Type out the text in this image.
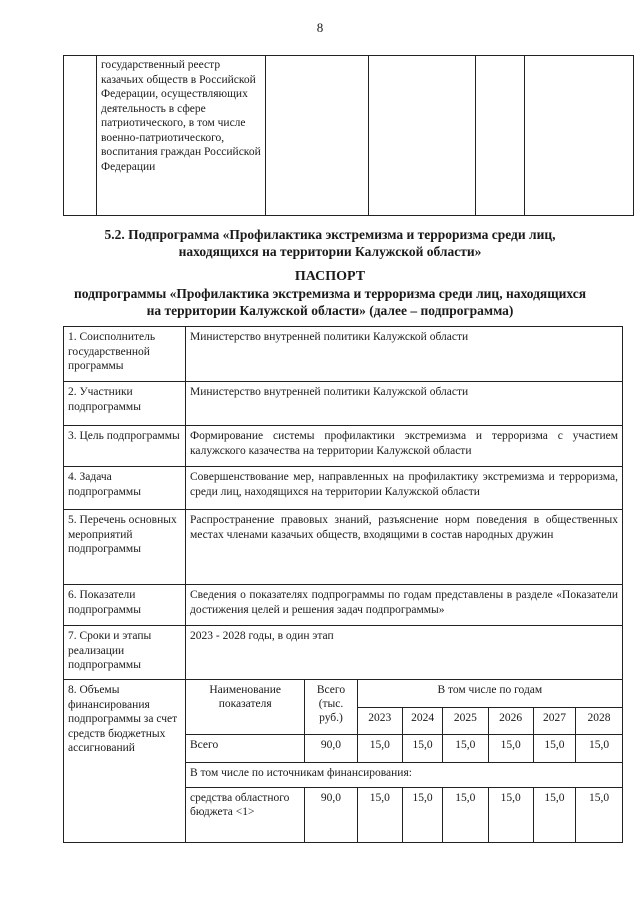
8
	государственный реестр казачьих обществ в Российской Федерации, осуществляющих деятельность в сфере патриотического, в том числе военно-патриотического, воспитания граждан Российской Федерации				
5.2. Подпрограмма «Профилактика экстремизма и терроризма среди лиц,
находящихся на территории Калужской области»
ПАСПОРТ
подпрограммы «Профилактика экстремизма и терроризма среди лиц, находящихся
на территории Калужской области» (далее – подпрограмма)
1. Соисполнитель государственной программы	Министерство внутренней политики Калужской области
2. Участники подпрограммы	Министерство внутренней политики Калужской области
3. Цель подпрограммы	Формирование системы профилактики экстремизма и терроризма с участием калужского казачества на территории Калужской области
4. Задача подпрограммы	Совершенствование мер, направленных на профилактику экстремизма и терроризма, среди лиц, находящихся на территории Калужской области
5. Перечень основных мероприятий подпрограммы	Распространение правовых знаний, разъяснение норм поведения в общественных местах членами казачьих обществ, входящими в состав народных дружин
6. Показатели подпрограммы	Сведения о показателях подпрограммы по годам представлены в разделе «Показатели достижения целей и решения задач подпрограммы»
7. Сроки и этапы реализации подпрограммы	2023 - 2028 годы, в один этап
8. Объемы финансирования подпрограммы за счет средств бюджетных ассигнований	
Наименование показателя	Всего (тыс. руб.)	В том числе по годам
2023	2024	2025	2026	2027	2028
Всего	90,0	15,0	15,0	15,0	15,0	15,0	15,0
В том числе по источникам финансирования:
средства областного бюджета <1>	90,0	15,0	15,0	15,0	15,0	15,0	15,0
